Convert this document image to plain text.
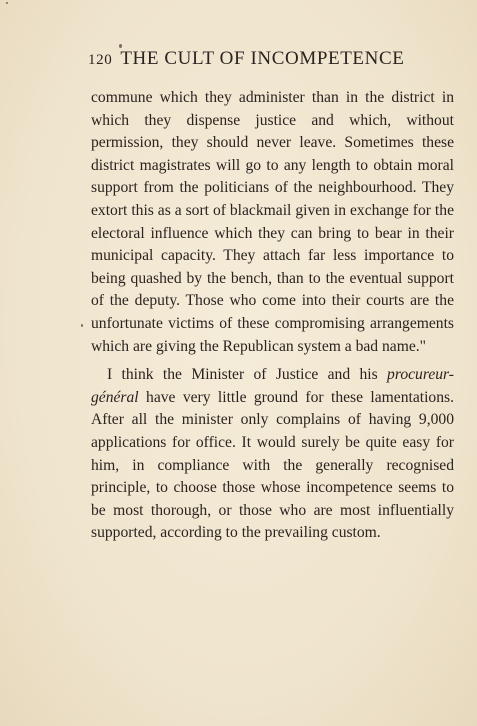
120 THE CULT OF INCOMPETENCE

commune which they administer than in the district in which they dispense justice and which, without permission, they should never leave. Sometimes these district magistrates will go to any length to obtain moral support from the politicians of the neighbourhood. They extort this as a sort of blackmail given in exchange for the electoral influence which they can bring to bear in their municipal capacity. They attach far less importance to being quashed by the bench, than to the eventual support of the deputy. Those who come into their courts are the unfortunate victims of these compromising arrangements which are giving the Republican system a bad name."

I think the Minister of Justice and his procureur-général have very little ground for these lamentations. After all the minister only complains of having 9,000 applications for office. It would surely be quite easy for him, in compliance with the generally recognised principle, to choose those whose incompetence seems to be most thorough, or those who are most influentially supported, according to the prevailing custom.
